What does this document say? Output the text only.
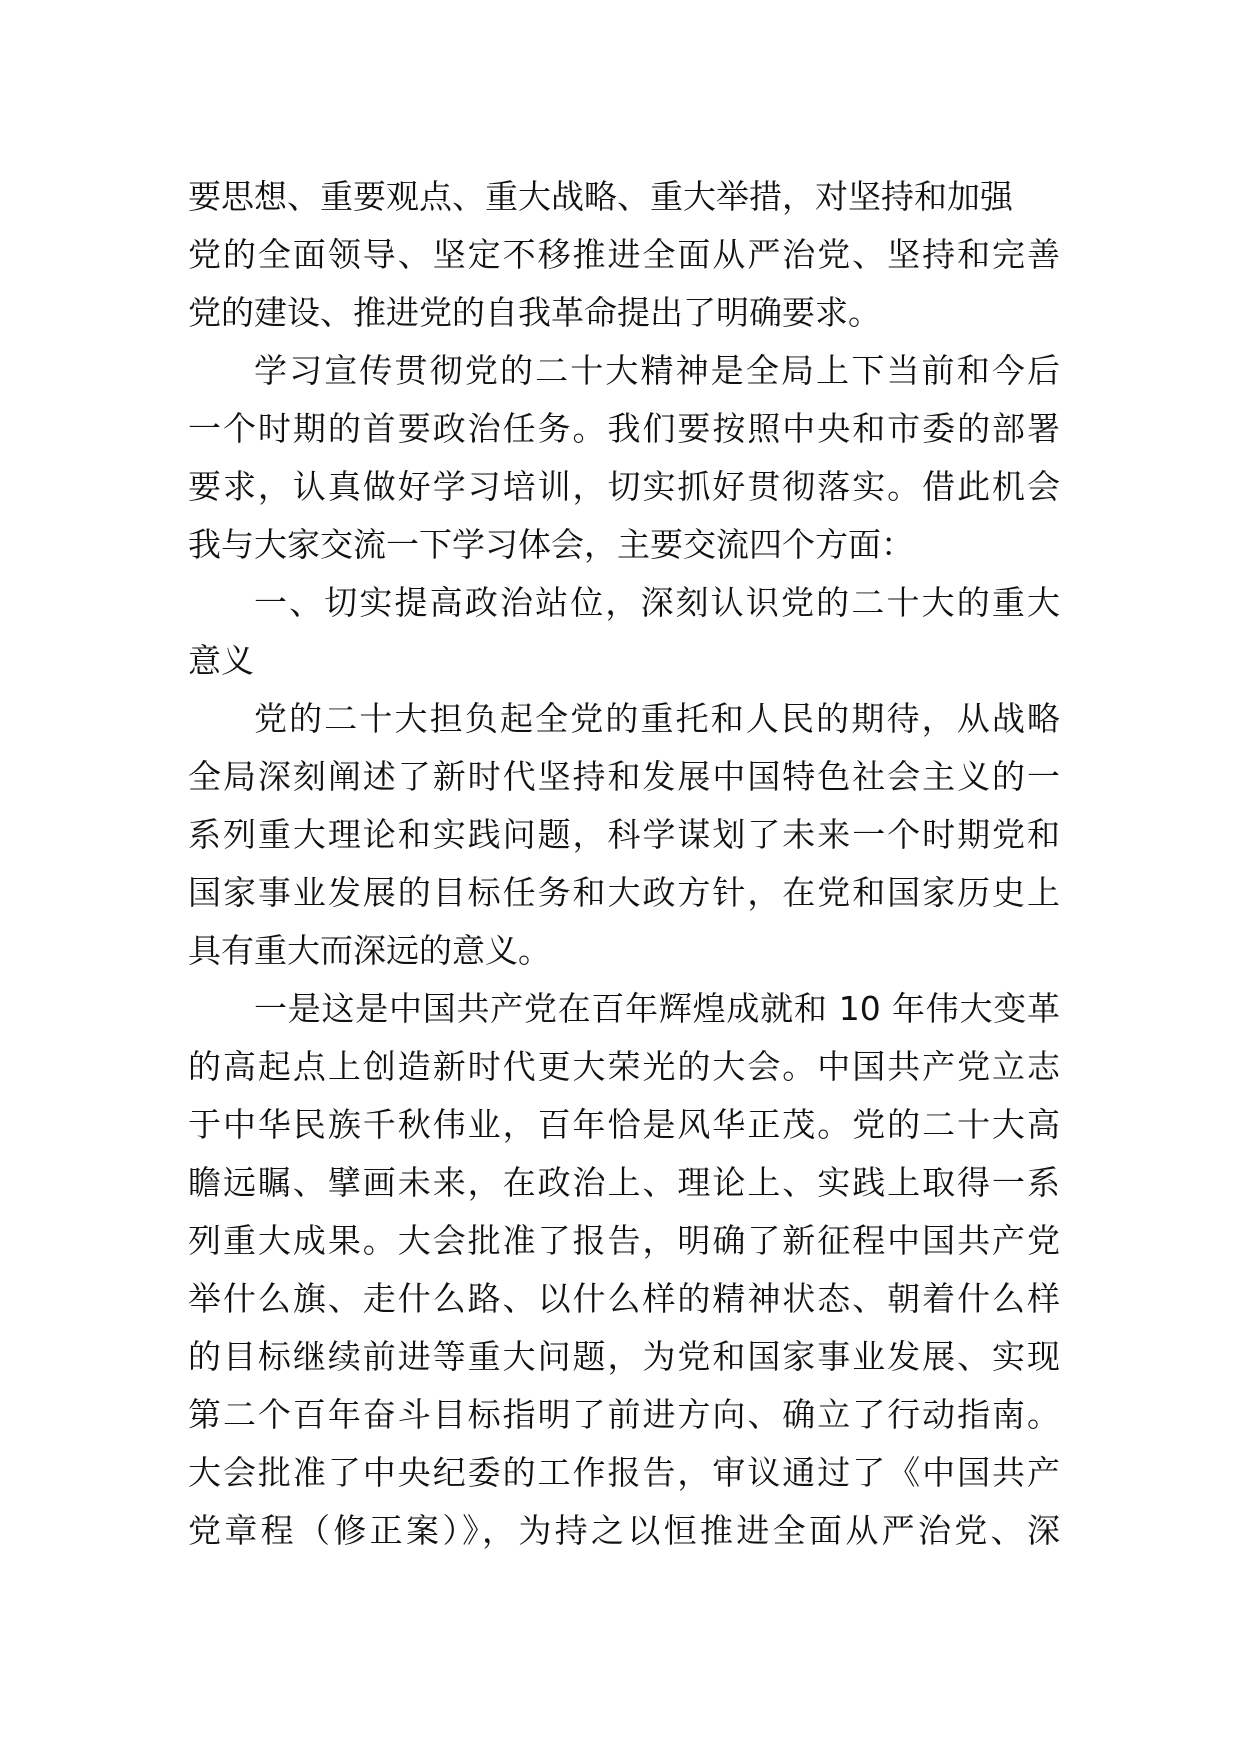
要思想、重要观点、重大战略、重大举措，对坚持和加强
党的全面领导、坚定不移推进全面从严治党、坚持和完善
党的建设、推进党的自我革命提出了明确要求。
学习宣传贯彻党的二十大精神是全局上下当前和今后
一个时期的首要政治任务。我们要按照中央和市委的部署
要求，认真做好学习培训，切实抓好贯彻落实。借此机会
我与大家交流一下学习体会，主要交流四个方面：
一、切实提高政治站位，深刻认识党的二十大的重大
意义
党的二十大担负起全党的重托和人民的期待，从战略
全局深刻阐述了新时代坚持和发展中国特色社会主义的一
系列重大理论和实践问题，科学谋划了未来一个时期党和
国家事业发展的目标任务和大政方针，在党和国家历史上
具有重大而深远的意义。
一是这是中国共产党在百年辉煌成就和 10 年伟大变革
的高起点上创造新时代更大荣光的大会。中国共产党立志
于中华民族千秋伟业，百年恰是风华正茂。党的二十大高
瞻远瞩、擘画未来，在政治上、理论上、实践上取得一系
列重大成果。大会批准了报告，明确了新征程中国共产党
举什么旗、走什么路、以什么样的精神状态、朝着什么样
的目标继续前进等重大问题，为党和国家事业发展、实现
第二个百年奋斗目标指明了前进方向、确立了行动指南。
大会批准了中央纪委的工作报告，审议通过了《中国共产
党章程（修正案）》，为持之以恒推进全面从严治党、深
